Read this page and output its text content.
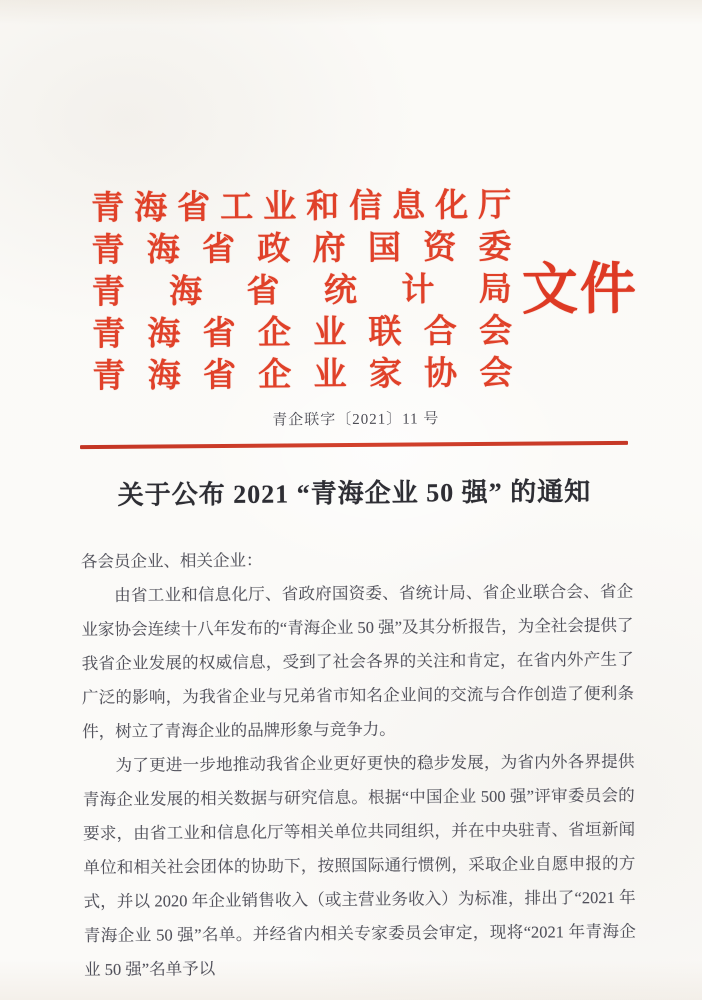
青 海 省 工 业 和 信 息 化 厅
青 海 省 政 府 国 资 委
青 海 省 统 计 局
青 海 省 企 业 联 合 会
青 海 省 企 业 家 协 会
文件
青企联字〔2021〕11 号
关于公布 2021 “青海企业 50 强” 的通知

各会员企业、相关企业：

由省工业和信息化厅、省政府国资委、省统计局、省企业联合会、省企业家协会连续十八年发布的“青海企业 50 强”及其分析报告，为全社会提供了我省企业发展的权威信息，受到了社会各界的关注和肯定，在省内外产生了广泛的影响，为我省企业与兄弟省市知名企业间的交流与合作创造了便利条件，树立了青海企业的品牌形象与竞争力。

为了更进一步地推动我省企业更好更快的稳步发展，为省内外各界提供青海企业发展的相关数据与研究信息。根据“中国企业 500 强”评审委员会的要求，由省工业和信息化厅等相关单位共同组织，并在中央驻青、省垣新闻单位和相关社会团体的协助下，按照国际通行惯例，采取企业自愿申报的方式，并以 2020 年企业销售收入（或主营业务收入）为标准，排出了“2021 年青海企业 50 强”名单。并经省内相关专家委员会审定，现将“2021 年青海企业 50 强”名单予以
